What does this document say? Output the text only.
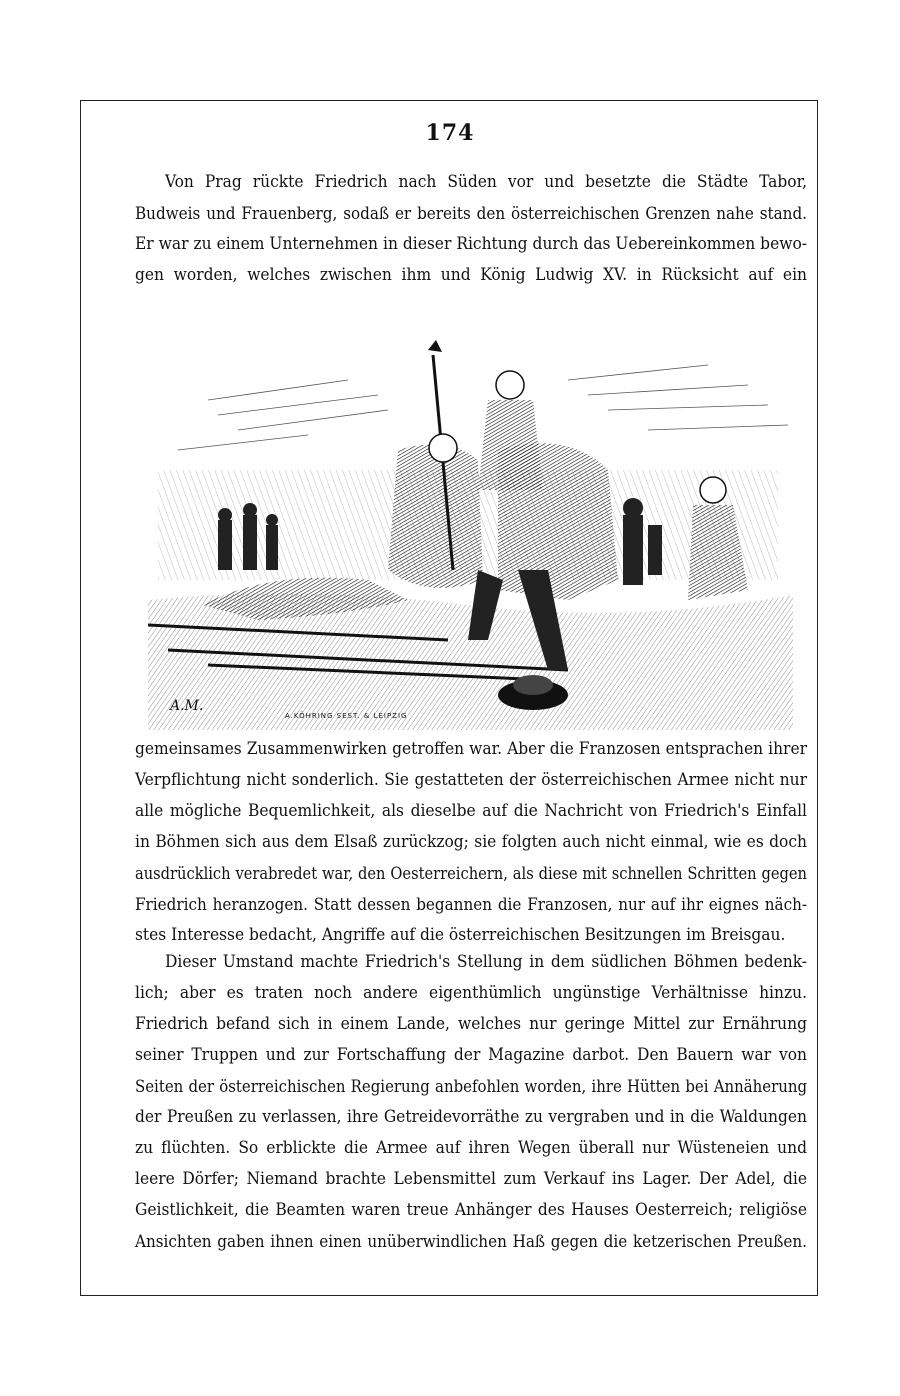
174
Von Prag rückte Friedrich nach Süden vor und besetzte die Städte Tabor,
Budweis und Frauenberg, sodaß er bereits den österreichischen Grenzen nahe stand.
Er war zu einem Unternehmen in dieser Richtung durch das Uebereinkommen bewo-
gen worden, welches zwischen ihm und König Ludwig XV. in Rücksicht auf ein
A.M.
A.KÖHRING SEST. & LEIPZIG
gemeinsames Zusammenwirken getroffen war. Aber die Franzosen entsprachen ihrer
Verpflichtung nicht sonderlich. Sie gestatteten der österreichischen Armee nicht nur
alle mögliche Bequemlichkeit, als dieselbe auf die Nachricht von Friedrich's Einfall
in Böhmen sich aus dem Elsaß zurückzog; sie folgten auch nicht einmal, wie es doch
ausdrücklich verabredet war, den Oesterreichern, als diese mit schnellen Schritten gegen
Friedrich heranzogen. Statt dessen begannen die Franzosen, nur auf ihr eignes näch-
stes Interesse bedacht, Angriffe auf die österreichischen Besitzungen im Breisgau.
Dieser Umstand machte Friedrich's Stellung in dem südlichen Böhmen bedenk-
lich; aber es traten noch andere eigenthümlich ungünstige Verhältnisse hinzu.
Friedrich befand sich in einem Lande, welches nur geringe Mittel zur Ernährung
seiner Truppen und zur Fortschaffung der Magazine darbot. Den Bauern war von
Seiten der österreichischen Regierung anbefohlen worden, ihre Hütten bei Annäherung
der Preußen zu verlassen, ihre Getreidevorräthe zu vergraben und in die Waldungen
zu flüchten. So erblickte die Armee auf ihren Wegen überall nur Wüsteneien und
leere Dörfer; Niemand brachte Lebensmittel zum Verkauf ins Lager. Der Adel, die
Geistlichkeit, die Beamten waren treue Anhänger des Hauses Oesterreich; religiöse
Ansichten gaben ihnen einen unüberwindlichen Haß gegen die ketzerischen Preußen.
